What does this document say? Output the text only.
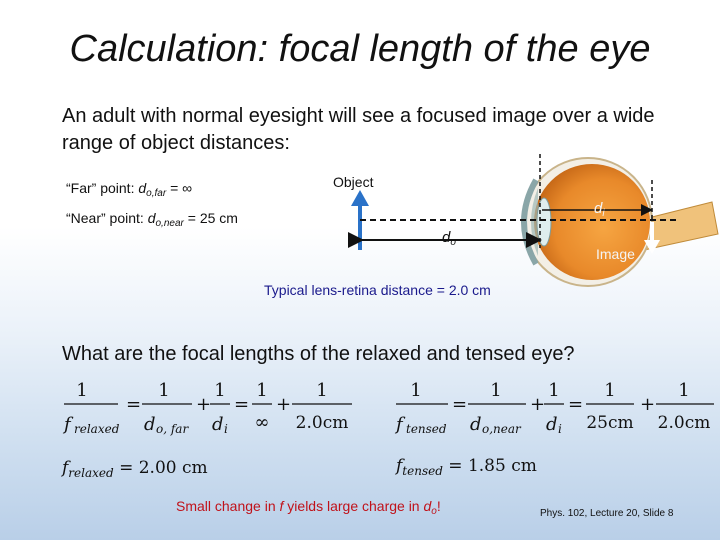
Calculation: focal length of the eye
An adult with normal eyesight will see a focused image over a wide range of object distances:
“Far” point: $d_{o,far}$ = ∞
“Near” point: $d_{o,near} = 25$ cm
Object
Image
$d_o$
$d_i$
Typical lens-retina distance = 2.0 cm
What are the focal lengths of the relaxed and tensed eye?
1
f relaxed
=
1
d o, far
+
1
d i
=
1
∞
+
1
2.0cm
1
f tensed
=
1
d o,near
+
1
d i
=
1
25cm
+
1
2.0cm
$f_{relaxed} = 2.00$ cm	$f_{tensed} = 1.85$ cm
Small change in f yields large charge in $d_o$!	Phys. 102, Lecture 20, Slide 8
